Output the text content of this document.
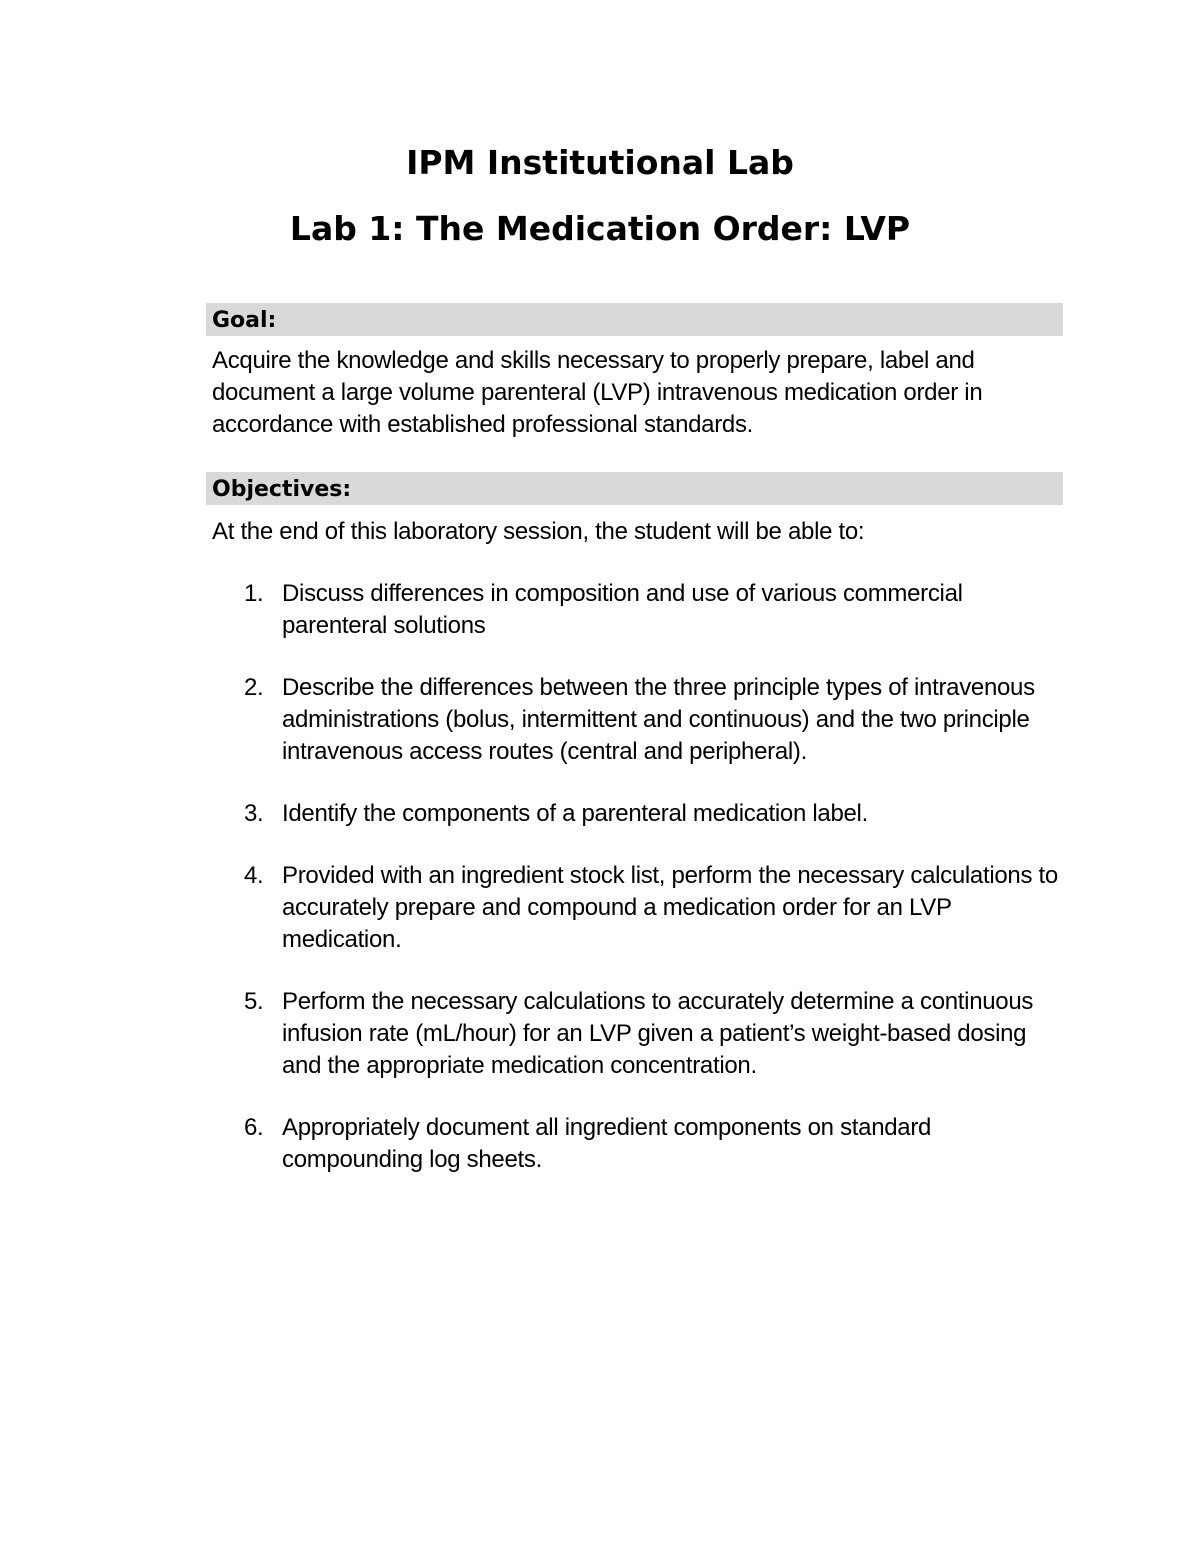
IPM Institutional Lab
Lab 1: The Medication Order: LVP
Goal:
Acquire the knowledge and skills necessary to properly prepare, label and document a large volume parenteral (LVP) intravenous medication order in accordance with established professional standards.
Objectives:
At the end of this laboratory session, the student will be able to:
1. Discuss differences in composition and use of various commercial parenteral solutions
2. Describe the differences between the three principle types of intravenous administrations (bolus, intermittent and continuous) and the two principle intravenous access routes (central and peripheral).
3. Identify the components of a parenteral medication label.
4. Provided with an ingredient stock list, perform the necessary calculations to accurately prepare and compound a medication order for an LVP medication.
5. Perform the necessary calculations to accurately determine a continuous infusion rate (mL/hour) for an LVP given a patient’s weight-based dosing and the appropriate medication concentration.
6. Appropriately document all ingredient components on standard compounding log sheets.
